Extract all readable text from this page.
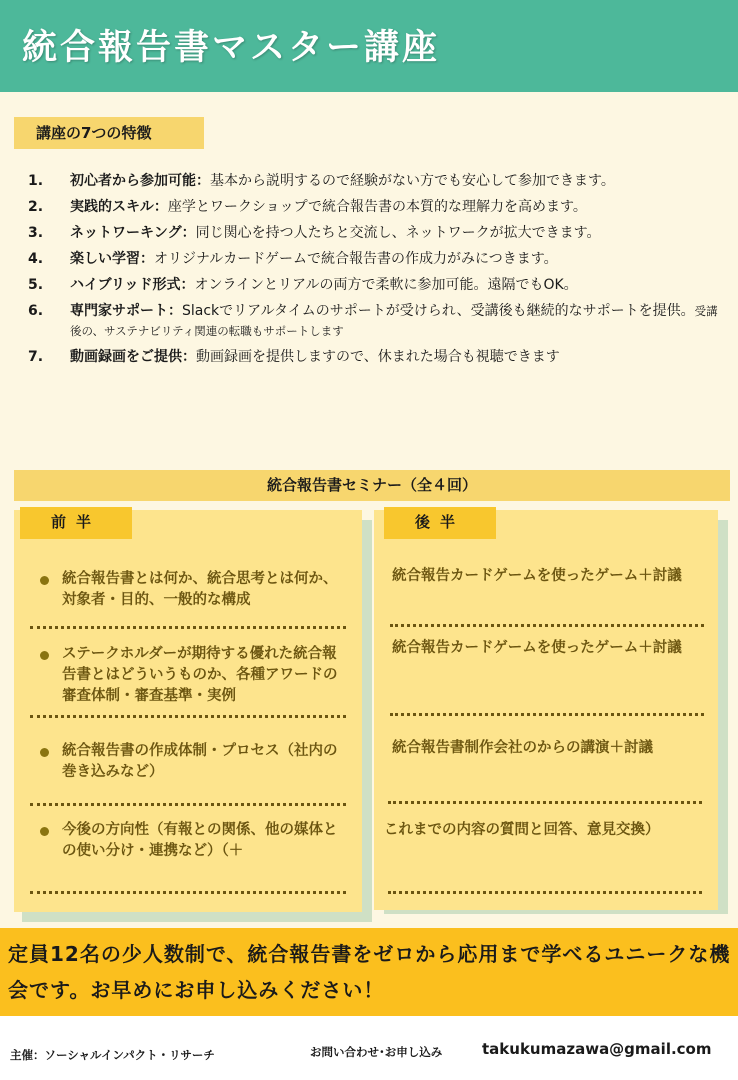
統合報告書マスター講座
講座の7つの特徴
1. 初心者から参加可能：基本から説明するので経験がない方でも安心して参加できます。
2. 実践的スキル：座学とワークショップで統合報告書の本質的な理解力を高めます。
3. ネットワーキング：同じ関心を持つ人たちと交流し、ネットワークが拡大できます。
4. 楽しい学習：オリジナルカードゲームで統合報告書の作成力がみにつきます。
5. ハイブリッド形式：オンラインとリアルの両方で柔軟に参加可能。遠隔でもOK。
6. 専門家サポート：Slackでリアルタイムのサポートが受けられ、受講後も継続的なサポートを提供。受講後の、サステナビリティ関連の転職もサポートします
7. 動画録画をご提供：動画録画を提供しますので、休まれた場合も視聴できます
統合報告書セミナー（全４回）
前半
統合報告書とは何か、統合思考とは何か、対象者・目的、一般的な構成
ステークホルダーが期待する優れた統合報告書とはどういうものか、各種アワードの審査体制・審査基準・実例
統合報告書の作成体制・プロセス（社内の巻き込みなど）
今後の方向性（有報との関係、他の媒体との使い分け・連携など）（＋
後半
統合報告カードゲームを使ったゲーム＋討議
統合報告カードゲームを使ったゲーム＋討議
統合報告書制作会社のからの講演＋討議
これまでの内容の質問と回答、意見交換）

定員12名の少人数制で、統合報告書をゼロから応用まで学べるユニークな機会です。お早めにお申し込みください！

主催：ソーシャルインパクト・リサーチ	お問い合わせ･お申し込み	takukumazawa@gmail.com
